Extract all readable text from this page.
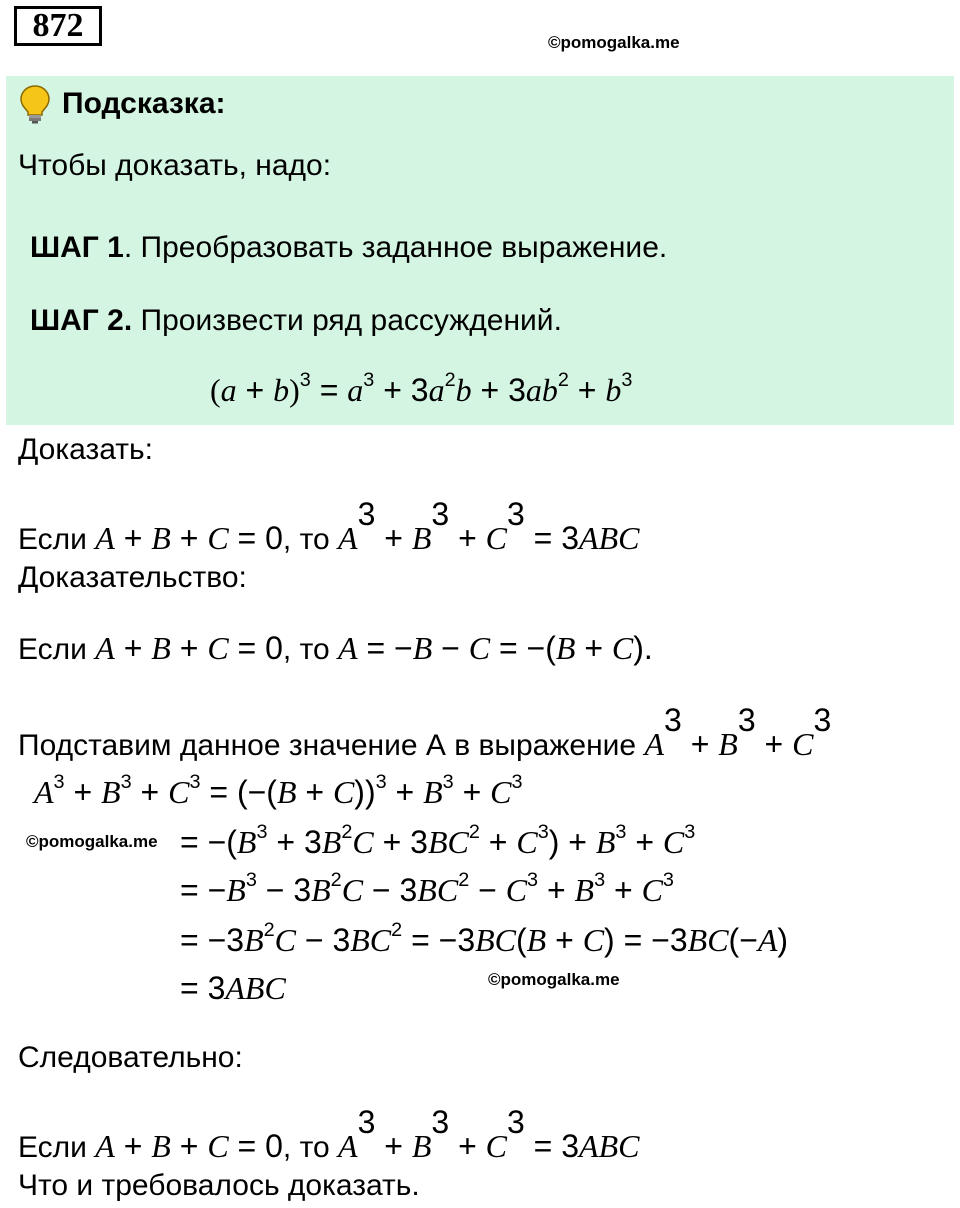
872	©pomogalka.me
Подсказка:
Чтобы доказать, надо:
ШАГ 1. Преобразовать заданное выражение.
ШАГ 2. Произвести ряд рассуждений.
$(a + b)^3 = a^3 + 3a^2b + 3ab^2 + b^3$
Доказать:
Если A + B + C = 0, то $A^3 + B^3 + C^3 = 3ABC$
Доказательство:
Если A + B + C = 0, то A = −B − C = −(B + C).
Подставим данное значение А в выражение $A^3 + B^3 + C^3$
$A^3 + B^3 + C^3 = (-(B + C))^3 + B^3 + C^3$
©pomogalka.me = $-(B^3 + 3B^2C + 3BC^2 + C^3) + B^3 + C^3$
= $-B^3 - 3B^2C - 3BC^2 - C^3 + B^3 + C^3$
= $-3B^2C - 3BC^2 = -3BC(B + C) = -3BC(-A)$
= 3ABC	©pomogalka.me
Следовательно:
Если A + B + C = 0, то $A^3 + B^3 + C^3 = 3ABC$
Что и требовалось доказать.
